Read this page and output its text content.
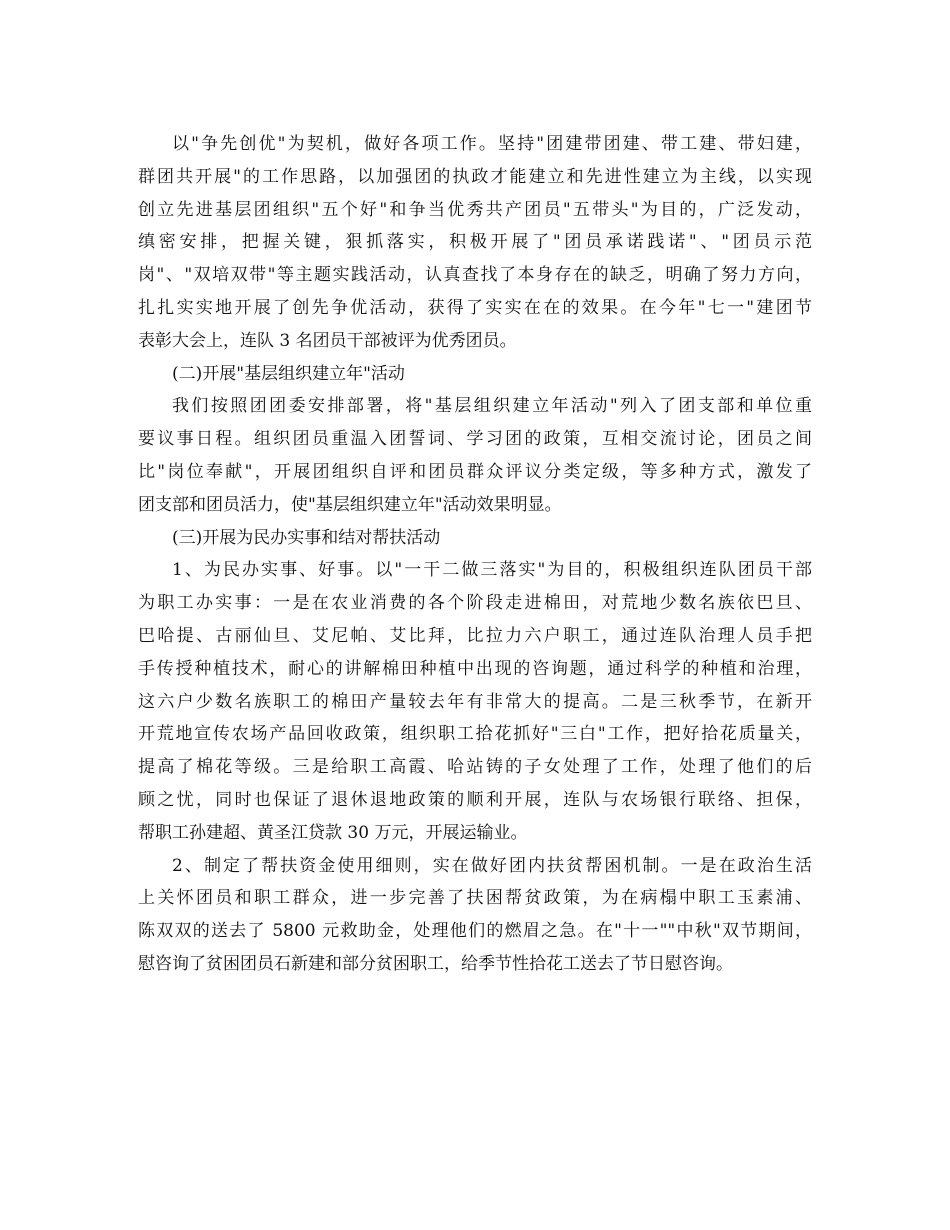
以"争先创优"为契机，做好各项工作。坚持"团建带团建、带工建、带妇建，
群团共开展"的工作思路，以加强团的执政才能建立和先进性建立为主线，以实现
创立先进基层团组织"五个好"和争当优秀共产团员"五带头"为目的，广泛发动，
缜密安排，把握关键，狠抓落实，积极开展了"团员承诺践诺"、"团员示范
岗"、"双培双带"等主题实践活动，认真查找了本身存在的缺乏，明确了努力方向，
扎扎实实地开展了创先争优活动，获得了实实在在的效果。在今年"七一"建团节
表彰大会上，连队 3 名团员干部被评为优秀团员。
(二)开展"基层组织建立年"活动
我们按照团团委安排部署，将"基层组织建立年活动"列入了团支部和单位重
要议事日程。组织团员重温入团誓词、学习团的政策，互相交流讨论，团员之间
比"岗位奉献"，开展团组织自评和团员群众评议分类定级，等多种方式，激发了
团支部和团员活力，使"基层组织建立年"活动效果明显。
(三)开展为民办实事和结对帮扶活动
1、为民办实事、好事。以"一干二做三落实"为目的，积极组织连队团员干部
为职工办实事：一是在农业消费的各个阶段走进棉田，对荒地少数名族依巴旦、
巴哈提、古丽仙旦、艾尼帕、艾比拜，比拉力六户职工，通过连队治理人员手把
手传授种植技术，耐心的讲解棉田种植中出现的咨询题，通过科学的种植和治理，
这六户少数名族职工的棉田产量较去年有非常大的提高。二是三秋季节，在新开
开荒地宣传农场产品回收政策，组织职工拾花抓好"三白"工作，把好拾花质量关，
提高了棉花等级。三是给职工高霞、哈站铸的子女处理了工作，处理了他们的后
顾之忧，同时也保证了退休退地政策的顺利开展，连队与农场银行联络、担保，
帮职工孙建超、黄圣江贷款 30 万元，开展运输业。
2、制定了帮扶资金使用细则，实在做好团内扶贫帮困机制。一是在政治生活
上关怀团员和职工群众，进一步完善了扶困帮贫政策，为在病榻中职工玉素浦、
陈双双的送去了 5800 元救助金，处理他们的燃眉之急。在"十一""中秋"双节期间，
慰咨询了贫困团员石新建和部分贫困职工，给季节性拾花工送去了节日慰咨询。
